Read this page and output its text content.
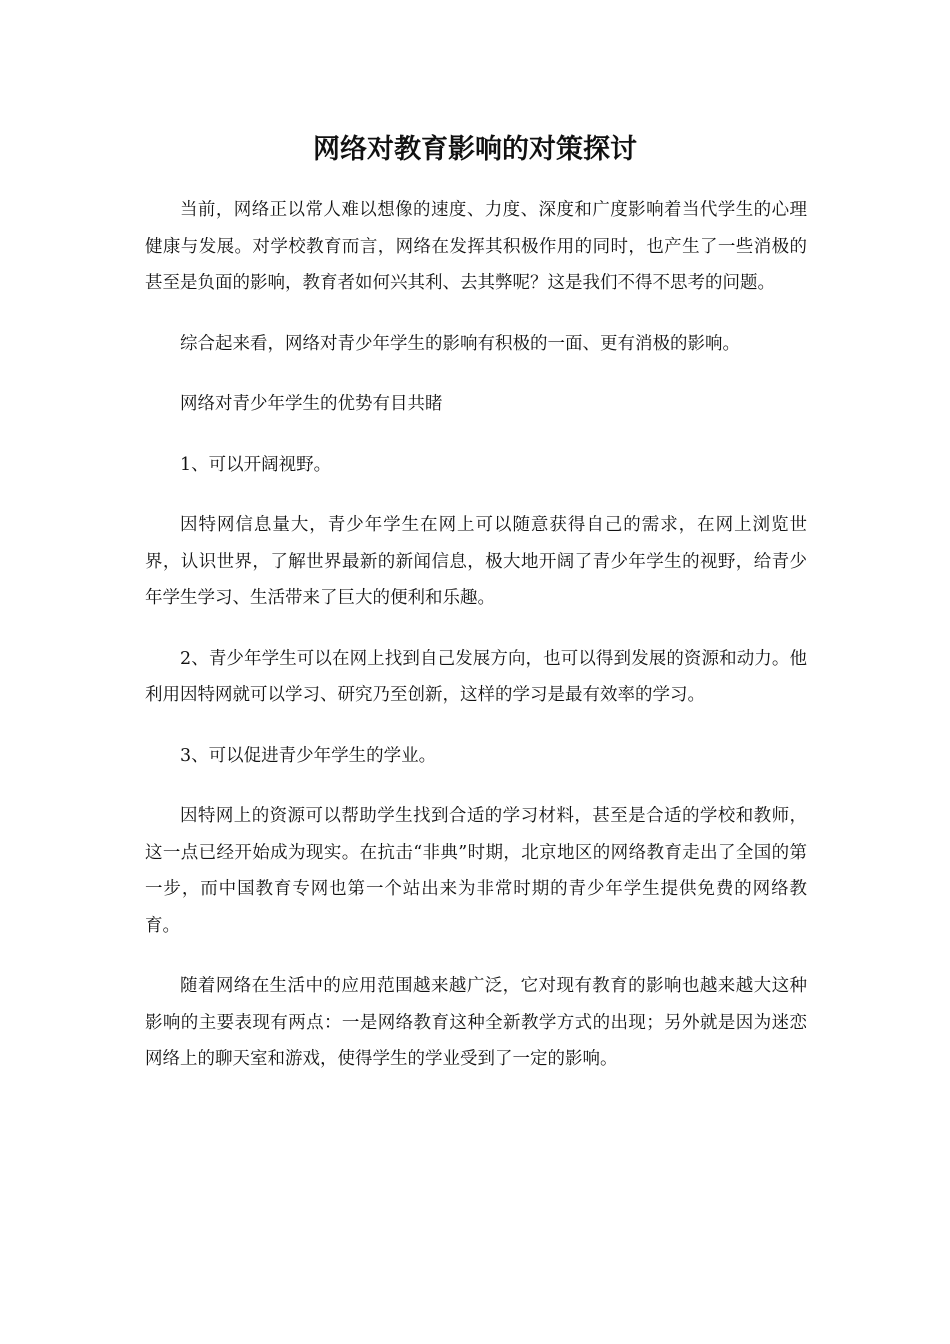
网络对教育影响的对策探讨

当前，网络正以常人难以想像的速度、力度、深度和广度影响着当代学生的心理健康与发展。对学校教育而言，网络在发挥其积极作用的同时，也产生了一些消极的甚至是负面的影响，教育者如何兴其利、去其弊呢？这是我们不得不思考的问题。

综合起来看，网络对青少年学生的影响有积极的一面、更有消极的影响。

网络对青少年学生的优势有目共睹

1、可以开阔视野。

因特网信息量大，青少年学生在网上可以随意获得自己的需求，在网上浏览世界，认识世界，了解世界最新的新闻信息，极大地开阔了青少年学生的视野，给青少年学生学习、生活带来了巨大的便利和乐趣。

2、青少年学生可以在网上找到自己发展方向，也可以得到发展的资源和动力。他利用因特网就可以学习、研究乃至创新，这样的学习是最有效率的学习。

3、可以促进青少年学生的学业。

因特网上的资源可以帮助学生找到合适的学习材料，甚至是合适的学校和教师，这一点已经开始成为现实。在抗击“非典”时期，北京地区的网络教育走出了全国的第一步，而中国教育专网也第一个站出来为非常时期的青少年学生提供免费的网络教育。

随着网络在生活中的应用范围越来越广泛，它对现有教育的影响也越来越大这种影响的主要表现有两点：一是网络教育这种全新教学方式的出现；另外就是因为迷恋网络上的聊天室和游戏，使得学生的学业受到了一定的影响。
